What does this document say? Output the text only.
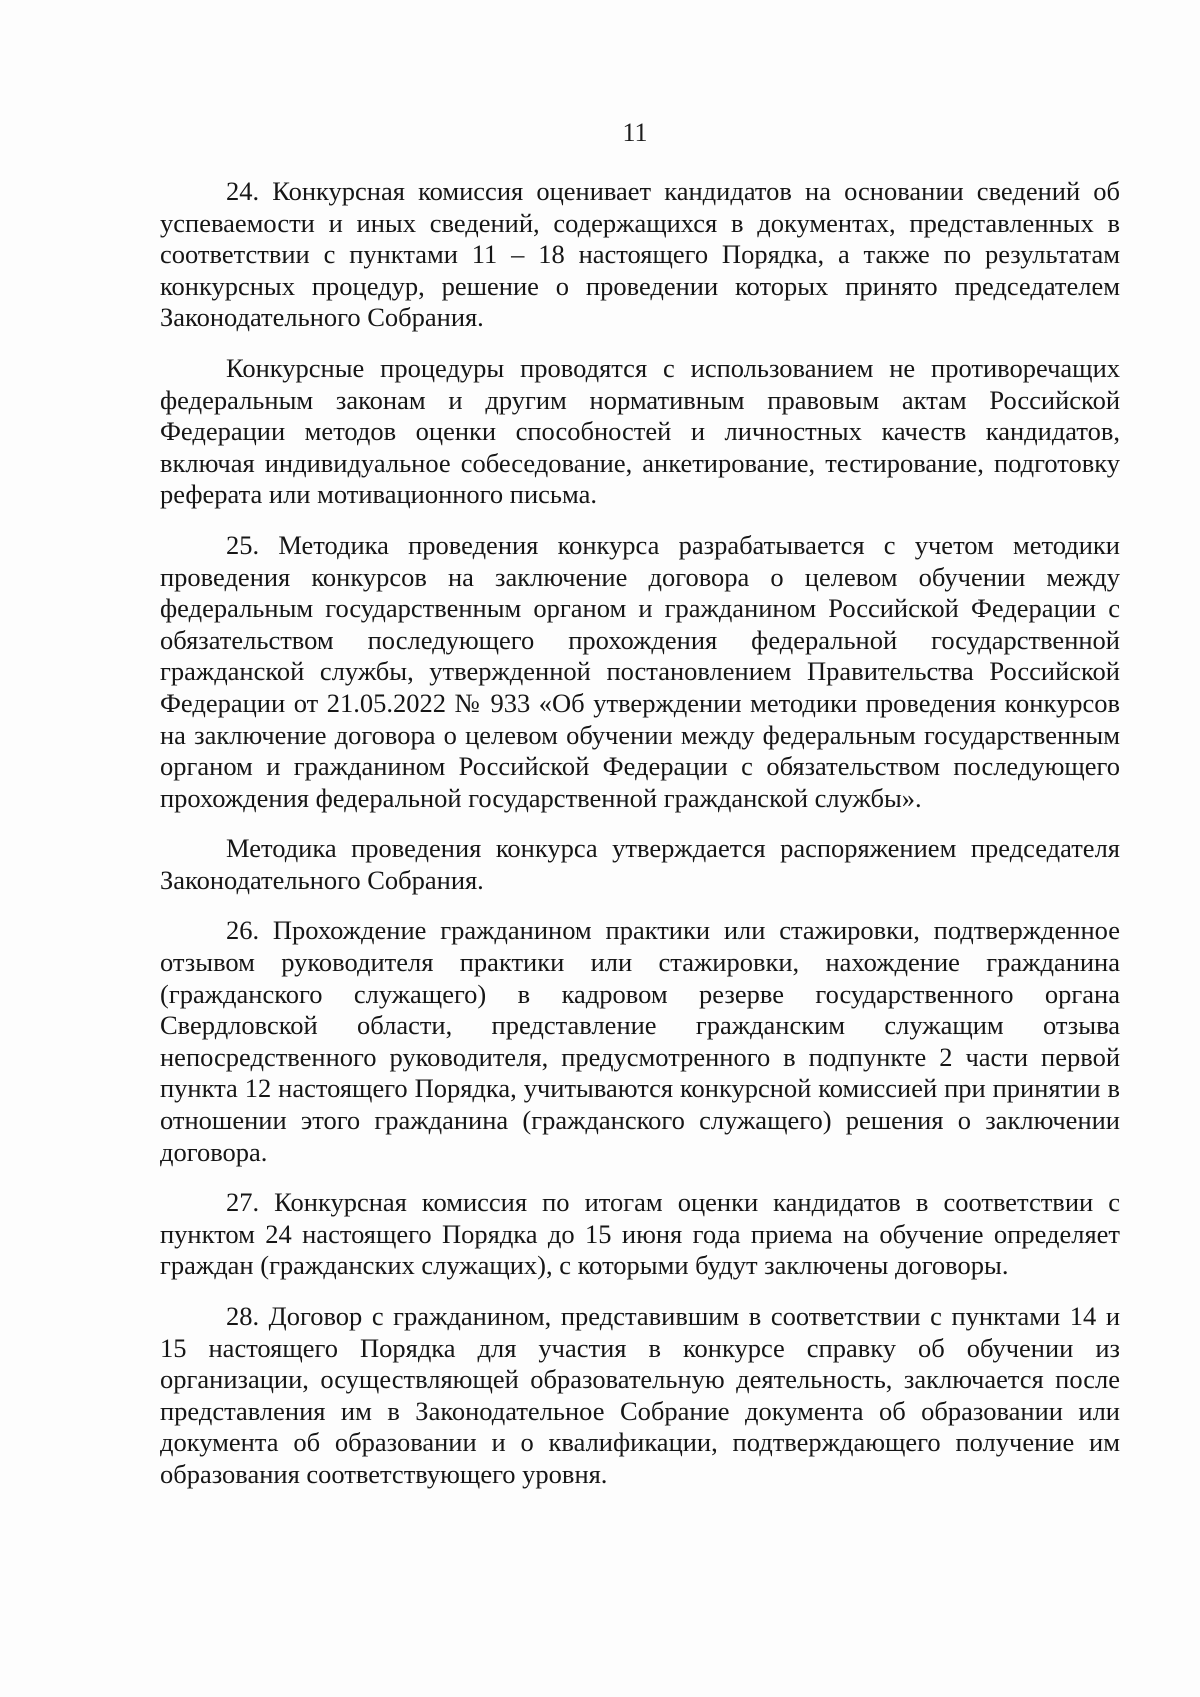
11

24. Конкурсная комиссия оценивает кандидатов на основании сведений об успеваемости и иных сведений, содержащихся в документах, представленных в соответствии с пунктами 11 – 18 настоящего Порядка, а также по результатам конкурсных процедур, решение о проведении которых принято председателем Законодательного Собрания.

Конкурсные процедуры проводятся с использованием не противоречащих федеральным законам и другим нормативным правовым актам Российской Федерации методов оценки способностей и личностных качеств кандидатов, включая индивидуальное собеседование, анкетирование, тестирование, подготовку реферата или мотивационного письма.

25. Методика проведения конкурса разрабатывается с учетом методики проведения конкурсов на заключение договора о целевом обучении между федеральным государственным органом и гражданином Российской Федерации с обязательством последующего прохождения федеральной государственной гражданской службы, утвержденной постановлением Правительства Российской Федерации от 21.05.2022 № 933 «Об утверждении методики проведения конкурсов на заключение договора о целевом обучении между федеральным государственным органом и гражданином Российской Федерации с обязательством последующего прохождения федеральной государственной гражданской службы».

Методика проведения конкурса утверждается распоряжением председателя Законодательного Собрания.

26. Прохождение гражданином практики или стажировки, подтвержденное отзывом руководителя практики или стажировки, нахождение гражданина (гражданского служащего) в кадровом резерве государственного органа Свердловской области, представление гражданским служащим отзыва непосредственного руководителя, предусмотренного в подпункте 2 части первой пункта 12 настоящего Порядка, учитываются конкурсной комиссией при принятии в отношении этого гражданина (гражданского служащего) решения о заключении договора.

27. Конкурсная комиссия по итогам оценки кандидатов в соответствии с пунктом 24 настоящего Порядка до 15 июня года приема на обучение определяет граждан (гражданских служащих), с которыми будут заключены договоры.

28. Договор с гражданином, представившим в соответствии с пунктами 14 и 15 настоящего Порядка для участия в конкурсе справку об обучении из организации, осуществляющей образовательную деятельность, заключается после представления им в Законодательное Собрание документа об образовании или документа об образовании и о квалификации, подтверждающего получение им образования соответствующего уровня.
